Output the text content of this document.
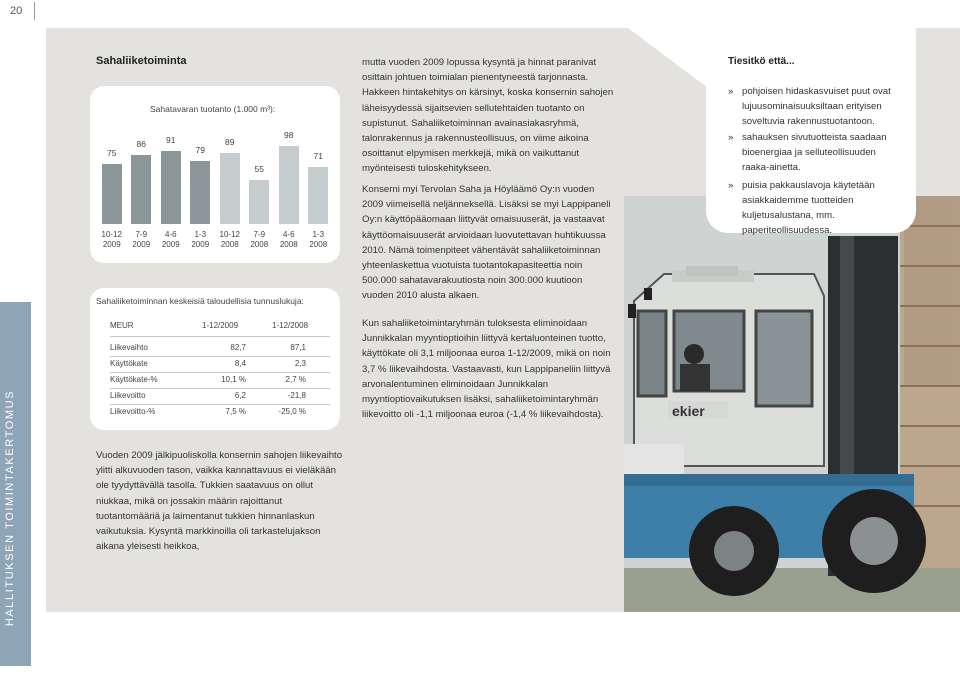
20
HALLITUKSEN TOIMINTAKERTOMUS
Sahaliiketoiminta
Sahatavaran tuotanto (1.000 m³):
75
10-12
2009
86
7-9
2009
91
4-6
2009
79
1-3
2009
89
10-12
2008
55
7-9
2008
98
4-6
2008
71
1-3
2008
Sahaliiketoiminnan keskeisiä taloudellisia tunnuslukuja:
MEUR	1-12/2009	1-12/2008
Liikevaihto	82,7	87,1
Käyttökate	8,4	2,3
Käyttökate-%	10,1 %	2,7 %
Liikevoitto	6,2	-21,8
Liikevoitto-%	7,5 %	-25,0 %
Vuoden 2009 jälkipuoliskolla konsernin sahojen liikevaihto ylitti alkuvuoden tason, vaikka kannattavuus ei vieläkään ole tyydyttävällä tasolla. Tukkien saatavuus on ollut niukkaa, mikä on jossakin määrin rajoittanut tuotantomääriä ja laimentanut tukkien hinnanlaskun vaikutuksia. Kysyntä markkinoilla oli tarkastelujakson aikana yleisesti heikkoa,
mutta vuoden 2009 lopussa kysyntä ja hinnat paranivat osittain johtuen toimialan pienentyneestä tarjonnasta. Hakkeen hintakehitys on kärsinyt, koska konsernin sahojen läheisyydessä sijaitsevien sellutehtaiden tuotanto on supistunut. Sahaliiketoiminnan avainasiakasryhmä, talonrakennus ja rakennusteollisuus, on viime aikoina osoittanut elpymisen merkkejä, mikä on vaikuttanut myönteisesti tuloskehitykseen.
Konserni myi Tervolan Saha ja Höyläämö Oy:n vuoden 2009 viimeisellä neljänneksellä. Lisäksi se myi Lappipaneli Oy:n käyttöpääomaan liittyvät omaisuuserät, ja vastaavat käyttöomaisuuserät arvioidaan luovutettavan huhtikuussa 2010. Nämä toimenpiteet vähentävät sahaliiketoiminnan yhteenlaskettua vuotuista tuotantokapasiteettia noin 500.000 sahatavarakuutiosta noin 300.000 kuutioon vuoden 2010 alusta alkaen.
ekier
Kun sahaliiketoimintaryhmän tuloksesta eliminoidaan Junnikkalan myyntioptioihin liittyvä kertaluonteinen tuotto, käyttökate oli 3,1 miljoonaa euroa 1-12/2009, mikä on noin 3,7 % liikevaihdosta. Vastaavasti, kun Lappipaneliin liittyvä arvonalentuminen eliminoidaan Junnikkalan myyntioptiovaikutuksen lisäksi, sahaliiketoimintaryhmän liikevoitto oli -1,1 miljoonaa euroa (-1,4 % liikevaihdosta).
Tiesitkö että...
» pohjoisen hidaskasvuiset puut ovat lujuusominaisuuksiltaan erityisen soveltuvia rakennustuotantoon.
» sahauksen sivutuotteista saadaan bioenergiaa ja selluteollisuuden raaka-ainetta.
» puisia pakkauslavoja käytetään asiakkaidemme tuotteiden kuljetusalustana, mm. paperiteollisuudessa.
